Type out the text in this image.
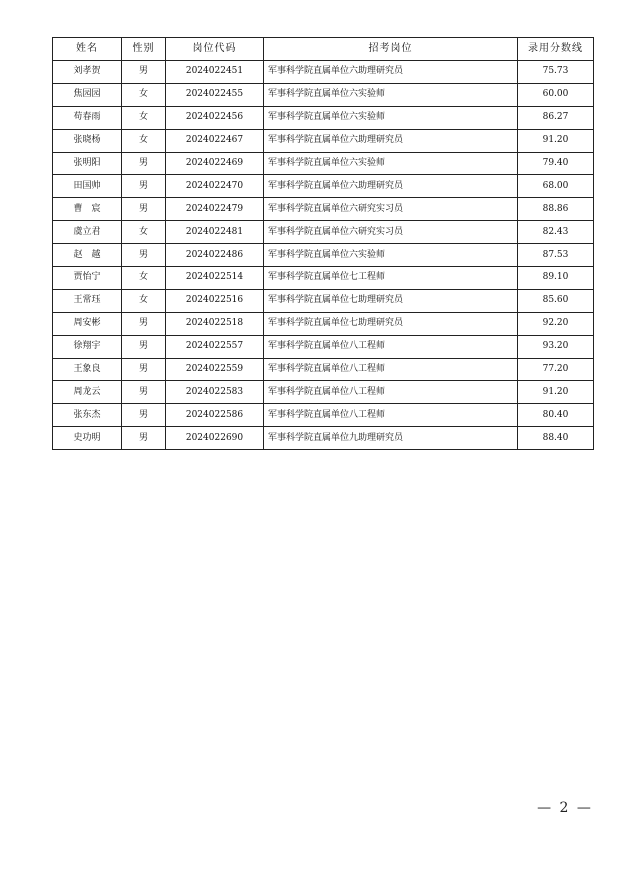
姓名	性别	岗位代码	招考岗位	录用分数线
刘孝贺	男	2024022451	军事科学院直属单位六助理研究员	75.73
焦园园	女	2024022455	军事科学院直属单位六实验师	60.00
苟春雨	女	2024022456	军事科学院直属单位六实验师	86.27
张晓杨	女	2024022467	军事科学院直属单位六助理研究员	91.20
张明阳	男	2024022469	军事科学院直属单位六实验师	79.40
田国帅	男	2024022470	军事科学院直属单位六助理研究员	68.00
曹　宸	男	2024022479	军事科学院直属单位六研究实习员	88.86
虞立君	女	2024022481	军事科学院直属单位六研究实习员	82.43
赵　越	男	2024022486	军事科学院直属单位六实验师	87.53
贾怡宁	女	2024022514	军事科学院直属单位七工程师	89.10
王常珏	女	2024022516	军事科学院直属单位七助理研究员	85.60
周安彬	男	2024022518	军事科学院直属单位七助理研究员	92.20
徐翔宇	男	2024022557	军事科学院直属单位八工程师	93.20
王象良	男	2024022559	军事科学院直属单位八工程师	77.20
周龙云	男	2024022583	军事科学院直属单位八工程师	91.20
张东杰	男	2024022586	军事科学院直属单位八工程师	80.40
史功明	男	2024022690	军事科学院直属单位九助理研究员	88.40
— 2 —
